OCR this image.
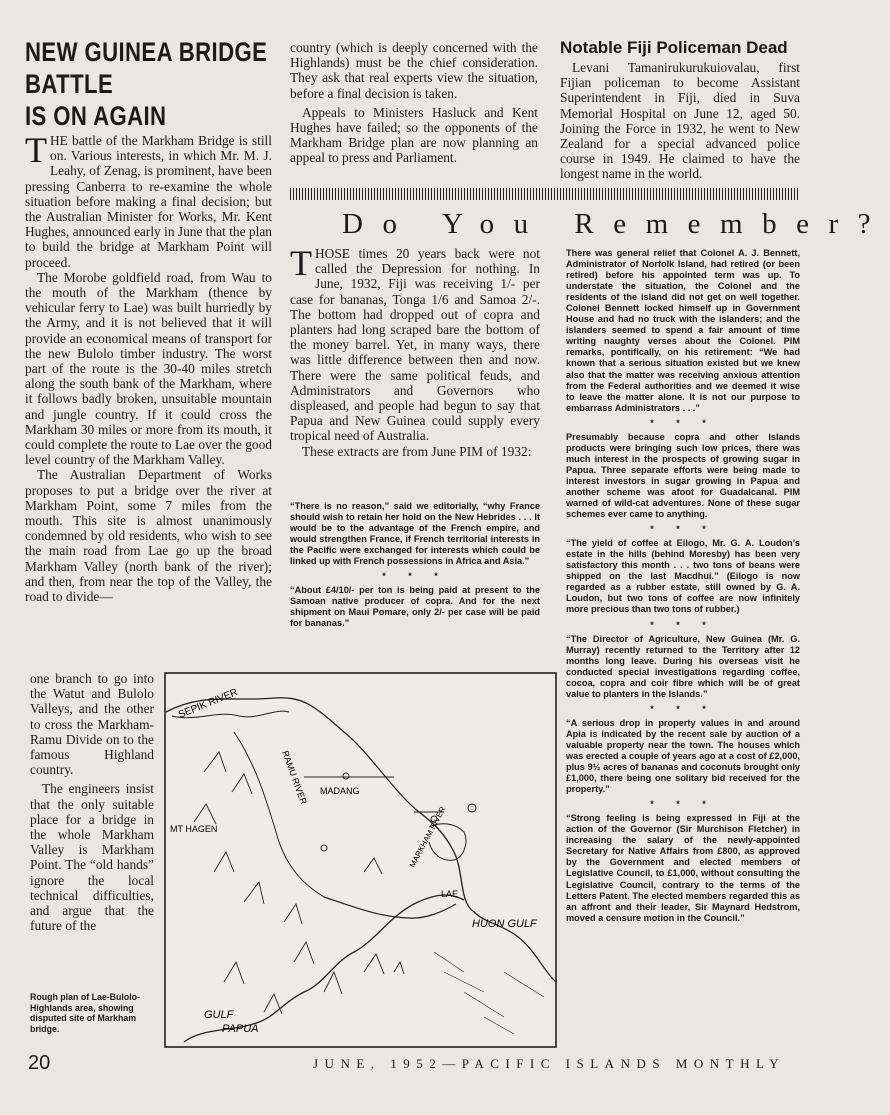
NEW GUINEA BRIDGE
BATTLE
IS ON AGAIN

THE battle of the Markham Bridge is still on. Various interests, in which Mr. M. J. Leahy, of Zenag, is prominent, have been pressing Canberra to re-examine the whole situation before making a final decision; but the Australian Minister for Works, Mr. Kent Hughes, announced early in June that the plan to build the bridge at Markham Point will proceed.

The Morobe goldfield road, from Wau to the mouth of the Markham (thence by vehicular ferry to Lae) was built hurriedly by the Army, and it is not believed that it will provide an economical means of transport for the new Bulolo timber industry. The worst part of the route is the 30-40 miles stretch along the south bank of the Markham, where it follows badly broken, unsuitable mountain and jungle country. If it could cross the Markham 30 miles or more from its mouth, it could complete the route to Lae over the good level country of the Markham Valley.

The Australian Department of Works proposes to put a bridge over the river at Markham Point, some 7 miles from the mouth. This site is almost unanimously condemned by old residents, who wish to see the main road from Lae go up the broad Markham Valley (north bank of the river); and then, from near the top of the Valley, the road to divide—

one branch to go into the Watut and Bulolo Valleys, and the other to cross the Markham-Ramu Divide on to the famous Highland country.

The engineers insist that the only suitable place for a bridge in the whole Markham Valley is Markham Point. The “old hands” ignore the local technical difficulties, and argue that the future of the

Rough plan of Lae-Bulolo-Highlands area, showing disputed site of Markham bridge.
SEPIK RIVER
RAMU RIVER MADANG
MT HAGEN	MARKHAM RIVER
LAE
HUON GULF
GULF
PAPUA

country (which is deeply concerned with the Highlands) must be the chief consideration. They ask that real experts view the situation, before a final decision is taken.

Appeals to Ministers Hasluck and Kent Hughes have failed; so the opponents of the Markham Bridge plan are now planning an appeal to press and Parliament.

Notable Fiji Policeman Dead

Levani Tamanirukurukuiovalau, first Fijian policeman to become Assistant Superintendent in Fiji, died in Suva Memorial Hospital on June 12, aged 50. Joining the Force in 1932, he went to New Zealand for a special advanced police course in 1949. He claimed to have the longest name in the world.

Do You Remember?

THOSE times 20 years back were not called the Depression for nothing. In June, 1932, Fiji was receiving 1/- per case for bananas, Tonga 1/6 and Samoa 2/-. The bottom had dropped out of copra and planters had long scraped bare the bottom of the money barrel. Yet, in many ways, there was little difference between then and now. There were the same political feuds, and Administrators and Governors who displeased, and people had begun to say that Papua and New Guinea could supply every tropical need of Australia.

These extracts are from June PIM of 1932:

“There is no reason,” said we editorially, “why France should wish to retain her hold on the New Hebrides . . . It would be to the advantage of the French empire, and would strengthen France, if French territorial interests in the Pacific were exchanged for interests which could be linked up with French possessions in Africa and Asia.”

* * *

“About £4/10/- per ton is being paid at present to the Samoan native producer of copra. And for the next shipment on Maui Pomare, only 2/- per case will be paid for bananas.”

There was general relief that Colonel A. J. Bennett, Administrator of Norfolk Island, had retired (or been retired) before his appointed term was up. To understate the situation, the Colonel and the residents of the island did not get on well together. Colonel Bennett locked himself up in Government House and had no truck with the islanders; and the islanders seemed to spend a fair amount of time writing naughty verses about the Colonel. PIM remarks, pontifically, on his retirement: “We had known that a serious situation existed but we knew also that the matter was receiving anxious attention from the Federal authorities and we deemed it wise to leave the matter alone. It is not our purpose to embarrass Administrators . . .”

* * *

Presumably because copra and other Islands products were bringing such low prices, there was much interest in the prospects of growing sugar in Papua. Three separate efforts were being made to interest investors in sugar growing in Papua and another scheme was afoot for Guadalcanal. PIM warned of wild-cat adventures. None of these sugar schemes ever came to anything.

* * *

“The yield of coffee at Eilogo, Mr. G. A. Loudon’s estate in the hills (behind Moresby) has been very satisfactory this month . . . two tons of beans were shipped on the last Macdhui.” (Eilogo is now regarded as a rubber estate, still owned by G. A. Loudon, but two tons of coffee are now infinitely more precious than two tons of rubber.)

* * *

“The Director of Agriculture, New Guinea (Mr. G. Murray) recently returned to the Territory after 12 months long leave. During his overseas visit he conducted special investigations regarding coffee, cocoa, copra and coir fibre which will be of great value to planters in the Islands.”

* * *

“A serious drop in property values in and around Apia is indicated by the recent sale by auction of a valuable property near the town. The houses which was erected a couple of years ago at a cost of £2,000, plus 9½ acres of bananas and coconuts brought only £1,000, there being one solitary bid received for the property.”

* * *

“Strong feeling is being expressed in Fiji at the action of the Governor (Sir Murchison Fletcher) in increasing the salary of the newly-appointed Secretary for Native Affairs from £800, as approved by the Government and elected members of Legislative Council, to £1,000, without consulting the Legislative Council, contrary to the terms of the Letters Patent. The elected members regarded this as an affront and their leader, Sir Maynard Hedstrom, moved a censure motion in the Council.”

20	JUNE, 1952—PACIFIC ISLANDS MONTHLY
